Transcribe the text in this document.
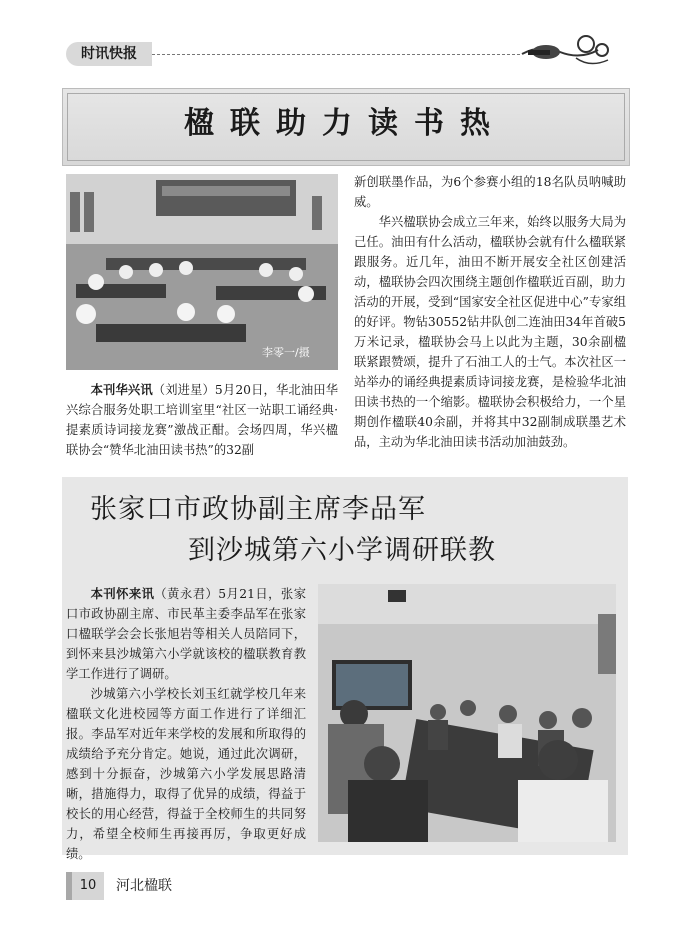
时讯快报
楹联助力读书热
李零一/摄

本刊华兴讯（刘进星）5月20日，华北油田华兴综合服务处职工培训室里“社区一站职工诵经典·提素质诗词接龙赛”激战正酣。会场四周，华兴楹联协会“赞华北油田读书热”的32副

新创联墨作品，为6个参赛小组的18名队员呐喊助威。

华兴楹联协会成立三年来，始终以服务大局为己任。油田有什么活动，楹联协会就有什么楹联紧跟服务。近几年，油田不断开展安全社区创建活动，楹联协会四次围绕主题创作楹联近百副，助力活动的开展，受到“国家安全社区促进中心”专家组的好评。物钻30552钻井队创二连油田34年首破5万米记录，楹联协会马上以此为主题，30余副楹联紧跟赞颂，提升了石油工人的士气。本次社区一站举办的诵经典提素质诗词接龙赛，是检验华北油田读书热的一个缩影。楹联协会积极给力，一个星期创作楹联40余副，并将其中32副制成联墨艺术品，主动为华北油田读书活动加油鼓劲。

张家口市政协副主席李品军
到沙城第六小学调研联教

本刊怀来讯（黄永君）5月21日，张家口市政协副主席、市民革主委李品军在张家口楹联学会会长张旭岩等相关人员陪同下，到怀来县沙城第六小学就该校的楹联教育教学工作进行了调研。

沙城第六小学校长刘玉红就学校几年来楹联文化进校园等方面工作进行了详细汇报。李品军对近年来学校的发展和所取得的成绩给予充分肯定。她说，通过此次调研，感到十分振奋，沙城第六小学发展思路清晰，措施得力，取得了优异的成绩，得益于校长的用心经营，得益于全校师生的共同努力，希望全校师生再接再厉，争取更好成绩。

10	河北楹联
